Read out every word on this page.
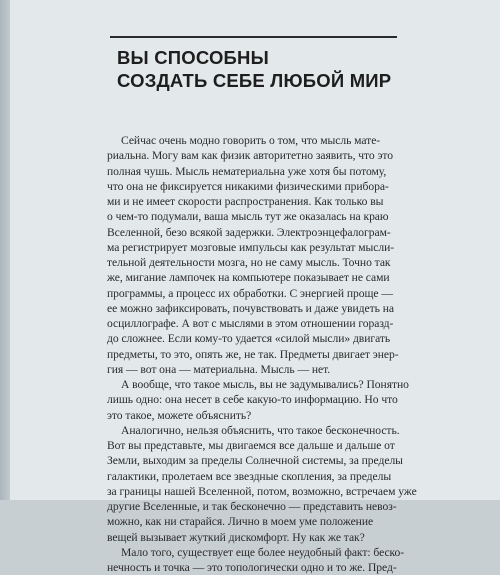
ВЫ СПОСОБНЫ
СОЗДАТЬ СЕБЕ ЛЮБОЙ МИР
Сейчас очень модно говорить о том, что мысль мате-
риальна. Могу вам как физик авторитетно заявить, что это
полная чушь. Мысль нематериальна уже хотя бы потому,
что она не фиксируется никакими физическими прибора-
ми и не имеет скорости распространения. Как только вы
о чем-то подумали, ваша мысль тут же оказалась на краю
Вселенной, безо всякой задержки. Электроэнцефалограм-
ма регистрирует мозговые импульсы как результат мысли-
тельной деятельности мозга, но не саму мысль. Точно так
же, мигание лампочек на компьютере показывает не сами
программы, а процесс их обработки. С энергией проще —
ее можно зафиксировать, почувствовать и даже увидеть на
осциллографе. А вот с мыслями в этом отношении горазд-
до сложнее. Если кому-то удается «силой мысли» двигать
предметы, то это, опять же, не так. Предметы двигает энер-
гия — вот она — материальна. Мысль — нет.
А вообще, что такое мысль, вы не задумывались? Понятно
лишь одно: она несет в себе какую-то информацию. Но что
это такое, можете объяснить?
Аналогично, нельзя объяснить, что такое бесконечность.
Вот вы представьте, мы двигаемся все дальше и дальше от
Земли, выходим за пределы Солнечной системы, за пределы
галактики, пролетаем все звездные скопления, за пределы
за границы нашей Вселенной, потом, возможно, встречаем уже
другие Вселенные, и так бесконечно — представить невоз-
можно, как ни старайся. Лично в моем уме положение
вещей вызывает жуткий дискомфорт. Ну как же так?
Мало того, существует еще более неудобный факт: беско-
нечность и точка — это топологически одно и то же. Пред-
